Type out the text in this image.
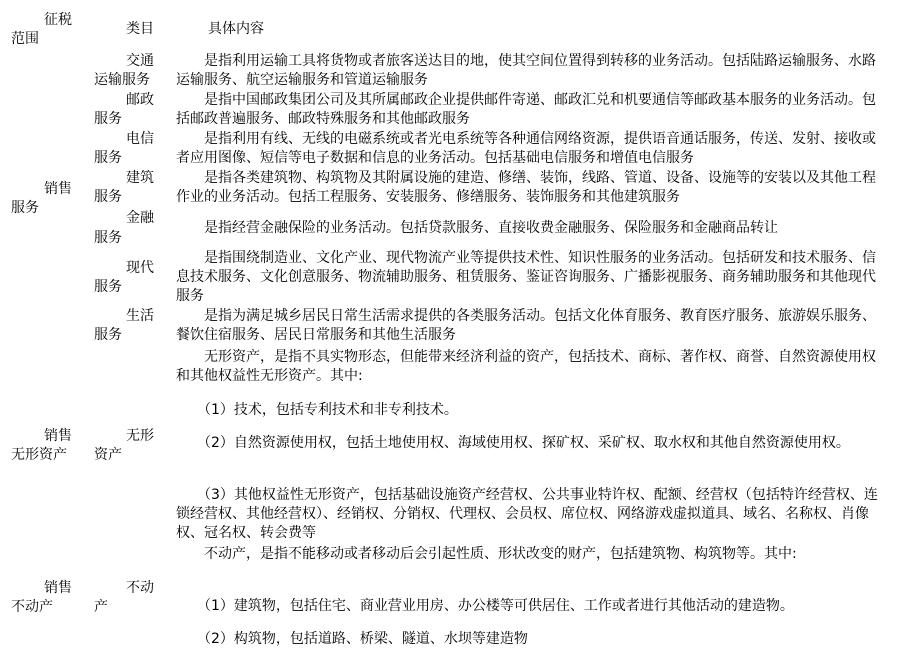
征税
范围
类目	具体内容
销售
服务
交通
运输服务
　　是指利用运输工具将货物或者旅客送达目的地，使其空间位置得到转移的业务活动。包括陆路运输服务、水路运输服务、航空运输服务和管道运输服务
邮政
服务
　　是指中国邮政集团公司及其所属邮政企业提供邮件寄递、邮政汇兑和机要通信等邮政基本服务的业务活动。包括邮政普遍服务、邮政特殊服务和其他邮政服务
电信
服务
　　是指利用有线、无线的电磁系统或者光电系统等各种通信网络资源，提供语音通话服务，传送、发射、接收或者应用图像、短信等电子数据和信息的业务活动。包括基础电信服务和增值电信服务
建筑
服务
　　是指各类建筑物、构筑物及其附属设施的建造、修缮、装饰，线路、管道、设备、设施等的安装以及其他工程作业的业务活动。包括工程服务、安装服务、修缮服务、装饰服务和其他建筑服务
金融
服务
　　是指经营金融保险的业务活动。包括贷款服务、直接收费金融服务、保险服务和金融商品转让
现代
服务
　　是指围绕制造业、文化产业、现代物流产业等提供技术性、知识性服务的业务活动。包括研发和技术服务、信息技术服务、文化创意服务、物流辅助服务、租赁服务、鉴证咨询服务、广播影视服务、商务辅助服务和其他现代服务
生活
服务
　　是指为满足城乡居民日常生活需求提供的各类服务活动。包括文化体育服务、教育医疗服务、旅游娱乐服务、餐饮住宿服务、居民日常服务和其他生活服务
销售
无形资产
无形
资产
　　无形资产，是指不具实物形态，但能带来经济利益的资产，包括技术、商标、著作权、商誉、自然资源使用权和其他权益性无形资产。其中:
　　（1）技术，包括专利技术和非专利技术。
　　（2）自然资源使用权，包括土地使用权、海域使用权、探矿权、采矿权、取水权和其他自然资源使用权。
　　（3）其他权益性无形资产，包括基础设施资产经营权、公共事业特许权、配额、经营权（包括特许经营权、连锁经营权、其他经营权）、经销权、分销权、代理权、会员权、席位权、网络游戏虚拟道具、域名、名称权、肖像权、冠名权、转会费等
销售
不动产
不动
产
　　不动产，是指不能移动或者移动后会引起性质、形状改变的财产，包括建筑物、构筑物等。其中:
　　（1）建筑物，包括住宅、商业营业用房、办公楼等可供居住、工作或者进行其他活动的建造物。
　　（2）构筑物，包括道路、桥梁、隧道、水坝等建造物
